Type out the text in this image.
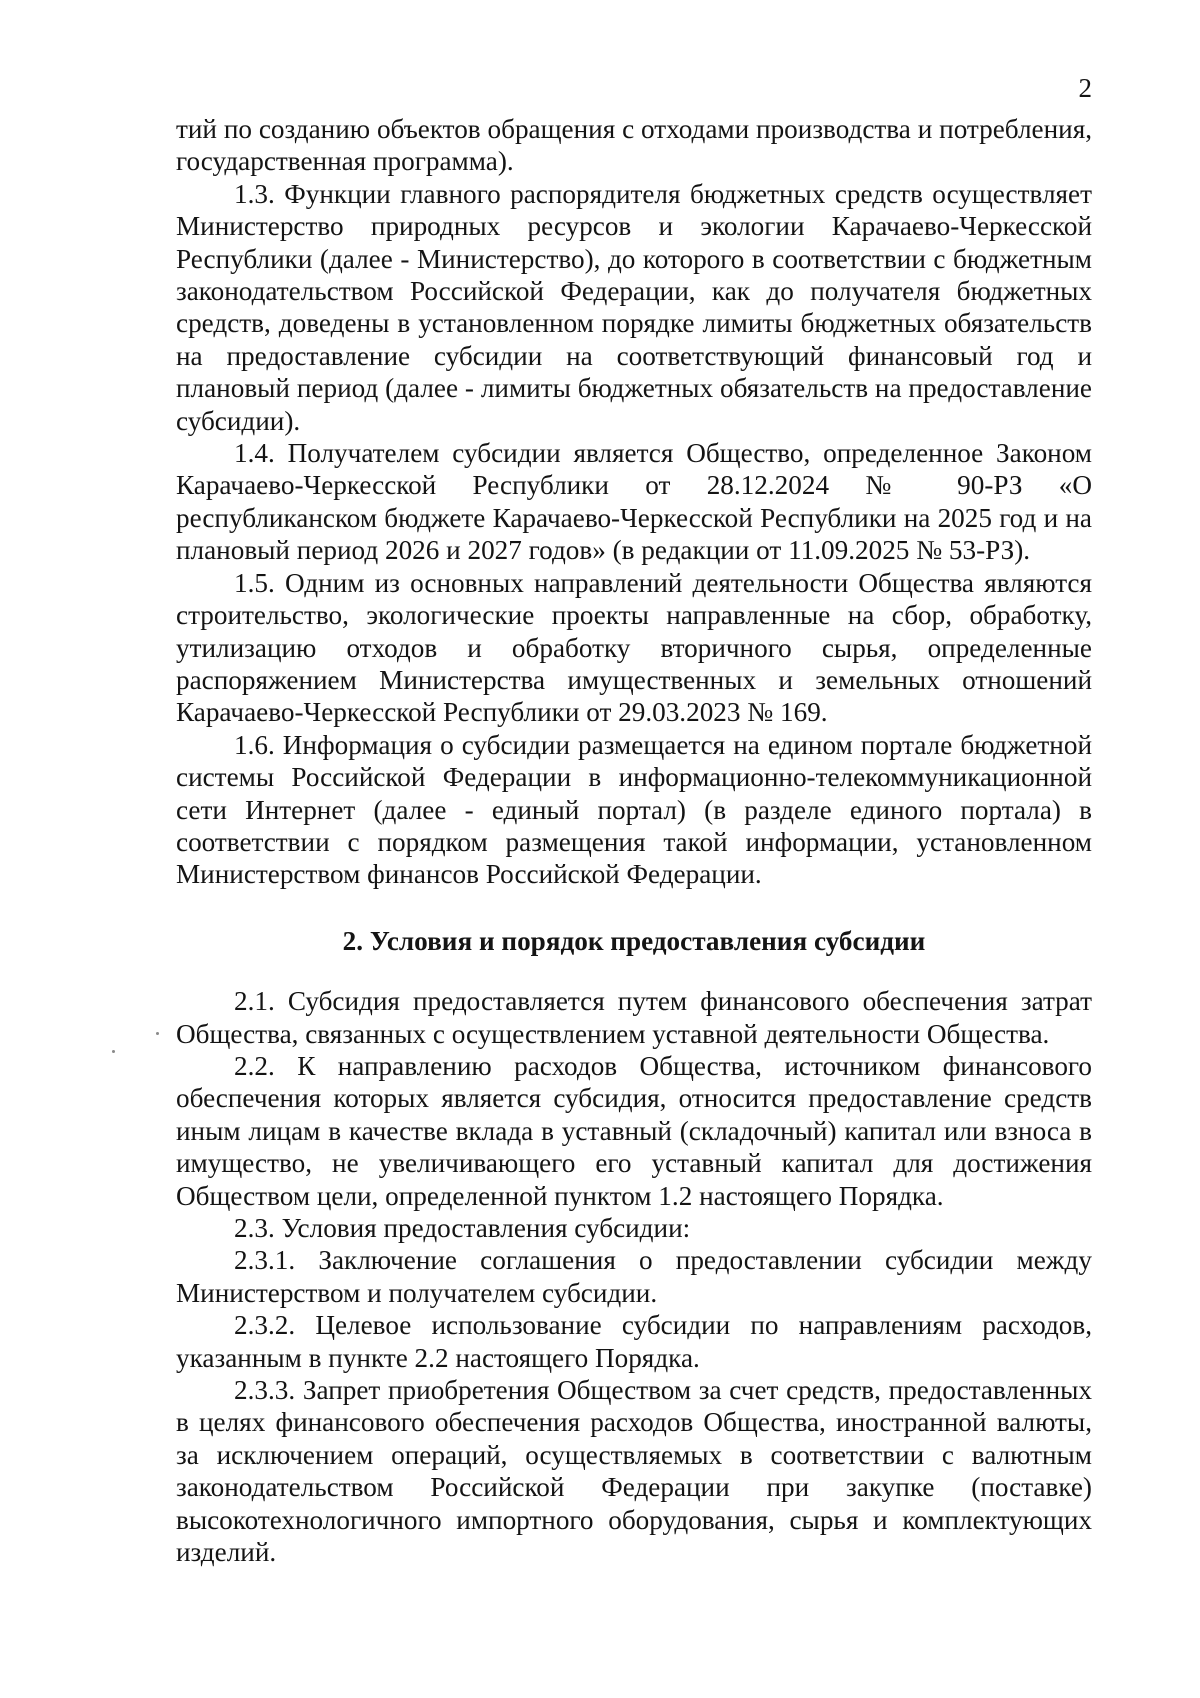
2

тий по созданию объектов обращения с отходами производства и потребления, государственная программа).

1.3. Функции главного распорядителя бюджетных средств осуществляет Министерство природных ресурсов и экологии Карачаево-Черкесской Республики (далее - Министерство), до которого в соответствии с бюджетным законодательством Российской Федерации, как до получателя бюджетных средств, доведены в установленном порядке лимиты бюджетных обязательств на предоставление субсидии на соответствующий финансовый год и плановый период (далее - лимиты бюджетных обязательств на предоставление субсидии).

1.4. Получателем субсидии является Общество, определенное Законом Карачаево-Черкесской Республики от 28.12.2024 № 90-РЗ «О республиканском бюджете Карачаево-Черкесской Республики на 2025 год и на плановый период 2026 и 2027 годов» (в редакции от 11.09.2025 № 53-РЗ).

1.5. Одним из основных направлений деятельности Общества являются строительство, экологические проекты направленные на сбор, обработку, утилизацию отходов и обработку вторичного сырья, определенные распоряжением Министерства имущественных и земельных отношений Карачаево-Черкесской Республики от 29.03.2023 № 169.

1.6. Информация о субсидии размещается на едином портале бюджетной системы Российской Федерации в информационно-телекоммуникационной сети Интернет (далее - единый портал) (в разделе единого портала) в соответствии с порядком размещения такой информации, установленном Министерством финансов Российской Федерации.

2. Условия и порядок предоставления субсидии

2.1. Субсидия предоставляется путем финансового обеспечения затрат Общества, связанных с осуществлением уставной деятельности Общества.

2.2. К направлению расходов Общества, источником финансового обеспечения которых является субсидия, относится предоставление средств иным лицам в качестве вклада в уставный (складочный) капитал или взноса в имущество, не увеличивающего его уставный капитал для достижения Обществом цели, определенной пунктом 1.2 настоящего Порядка.

2.3. Условия предоставления субсидии:

2.3.1. Заключение соглашения о предоставлении субсидии между Министерством и получателем субсидии.

2.3.2. Целевое использование субсидии по направлениям расходов, указанным в пункте 2.2 настоящего Порядка.

2.3.3. Запрет приобретения Обществом за счет средств, предоставленных в целях финансового обеспечения расходов Общества, иностранной валюты, за исключением операций, осуществляемых в соответствии с валютным законодательством Российской Федерации при закупке (поставке) высокотехнологичного импортного оборудования, сырья и комплектующих изделий.
